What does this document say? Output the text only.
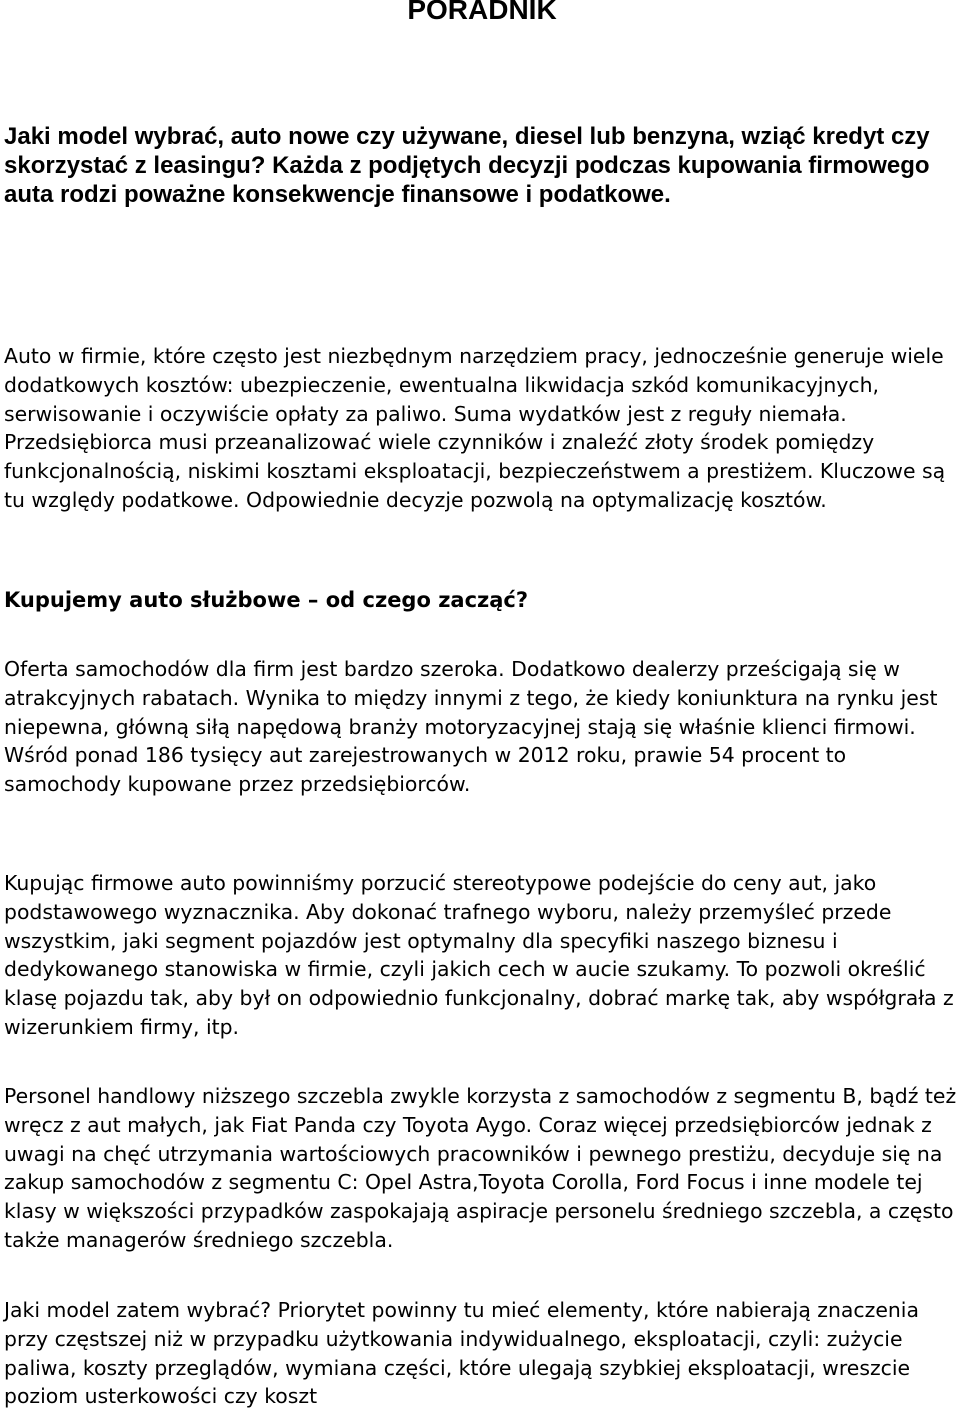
PORADNIK

Jaki model wybrać, auto nowe czy używane, diesel lub benzyna, wziąć kredyt czy skorzystać z leasingu? Każda z podjętych decyzji podczas kupowania firmowego auta rodzi poważne konsekwencje finansowe i podatkowe.

Auto w firmie, które często jest niezbędnym narzędziem pracy, jednocześnie generuje wiele dodatkowych kosztów: ubezpieczenie, ewentualna likwidacja szkód komunikacyjnych, serwisowanie i oczywiście opłaty za paliwo. Suma wydatków jest z reguły niemała. Przedsiębiorca musi przeanalizować wiele czynników i znaleźć złoty środek pomiędzy funkcjonalnością, niskimi kosztami eksploatacji, bezpieczeństwem a prestiżem. Kluczowe są tu względy podatkowe. Odpowiednie decyzje pozwolą na optymalizację kosztów.

Kupujemy auto służbowe – od czego zacząć?

Oferta samochodów dla firm jest bardzo szeroka. Dodatkowo dealerzy prześcigają się w atrakcyjnych rabatach. Wynika to między innymi z tego, że kiedy koniunktura na rynku jest niepewna, główną siłą napędową branży motoryzacyjnej stają się właśnie klienci firmowi. Wśród ponad 186 tysięcy aut zarejestrowanych w 2012 roku, prawie 54 procent to samochody kupowane przez przedsiębiorców.

Kupując firmowe auto powinniśmy porzucić stereotypowe podejście do ceny aut, jako podstawowego wyznacznika. Aby dokonać trafnego wyboru, należy przemyśleć przede wszystkim, jaki segment pojazdów jest optymalny dla specyfiki naszego biznesu i dedykowanego stanowiska w firmie, czyli jakich cech w aucie szukamy. To pozwoli określić klasę pojazdu tak, aby był on odpowiednio funkcjonalny, dobrać markę tak, aby współgrała z wizerunkiem firmy, itp.

Personel handlowy niższego szczebla zwykle korzysta z samochodów z segmentu B, bądź też wręcz z aut małych, jak Fiat Panda czy Toyota Aygo. Coraz więcej przedsiębiorców jednak z uwagi na chęć utrzymania wartościowych pracowników i pewnego prestiżu, decyduje się na zakup samochodów z segmentu C: Opel Astra,Toyota Corolla, Ford Focus i inne modele tej klasy w większości przypadków zaspokajają aspiracje personelu średniego szczebla, a często także managerów średniego szczebla.

Jaki model zatem wybrać? Priorytet powinny tu mieć elementy, które nabierają znaczenia przy częstszej niż w przypadku użytkowania indywidualnego, eksploatacji, czyli: zużycie paliwa, koszty przeglądów, wymiana części, które ulegają szybkiej eksploatacji, wreszcie poziom usterkowości czy koszt
